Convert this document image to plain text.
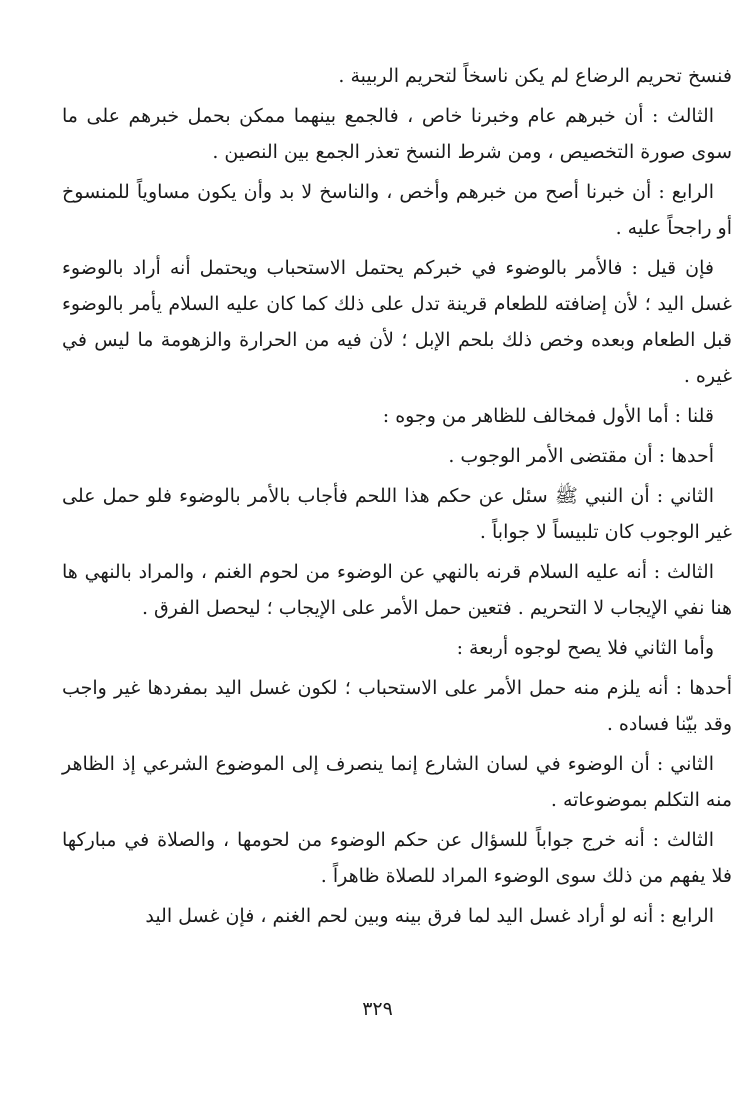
فنسخ تحريم الرضاع لم يكن ناسخاً لتحريم الربيبة .

الثالث : أن خبرهم عام وخبرنا خاص ، فالجمع بينهما ممكن بحمل خبرهم على ما سوى صورة التخصيص ، ومن شرط النسخ تعذر الجمع بين النصين .

الرابع : أن خبرنا أصح من خبرهم وأخص ، والناسخ لا بد وأن يكون مساوياً للمنسوخ أو راجحاً عليه .

فإن قيل : فالأمر بالوضوء في خبركم يحتمل الاستحباب ويحتمل أنه أراد بالوضوء غسل اليد ؛ لأن إضافته للطعام قرينة تدل على ذلك كما كان عليه السلام يأمر بالوضوء قبل الطعام وبعده وخص ذلك بلحم الإبل ؛ لأن فيه من الحرارة والزهومة ما ليس في غيره .

قلنا : أما الأول فمخالف للظاهر من وجوه :

أحدها : أن مقتضى الأمر الوجوب .

الثاني : أن النبي ﷺ سئل عن حكم هذا اللحم فأجاب بالأمر بالوضوء فلو حمل على غير الوجوب كان تلبيساً لا جواباً .

الثالث : أنه عليه السلام قرنه بالنهي عن الوضوء من لحوم الغنم ، والمراد بالنهي ها هنا نفي الإيجاب لا التحريم . فتعين حمل الأمر على الإيجاب ؛ ليحصل الفرق .

وأما الثاني فلا يصح لوجوه أربعة :

أحدها : أنه يلزم منه حمل الأمر على الاستحباب ؛ لكون غسل اليد بمفردها غير واجب وقد بيّنا فساده .

الثاني : أن الوضوء في لسان الشارع إنما ينصرف إلى الموضوع الشرعي إذ الظاهر منه التكلم بموضوعاته .

الثالث : أنه خرج جواباً للسؤال عن حكم الوضوء من لحومها ، والصلاة في مباركها فلا يفهم من ذلك سوى الوضوء المراد للصلاة ظاهراً .

الرابع : أنه لو أراد غسل اليد لما فرق بينه وبين لحم الغنم ، فإن غسل اليد

٣٢٩
